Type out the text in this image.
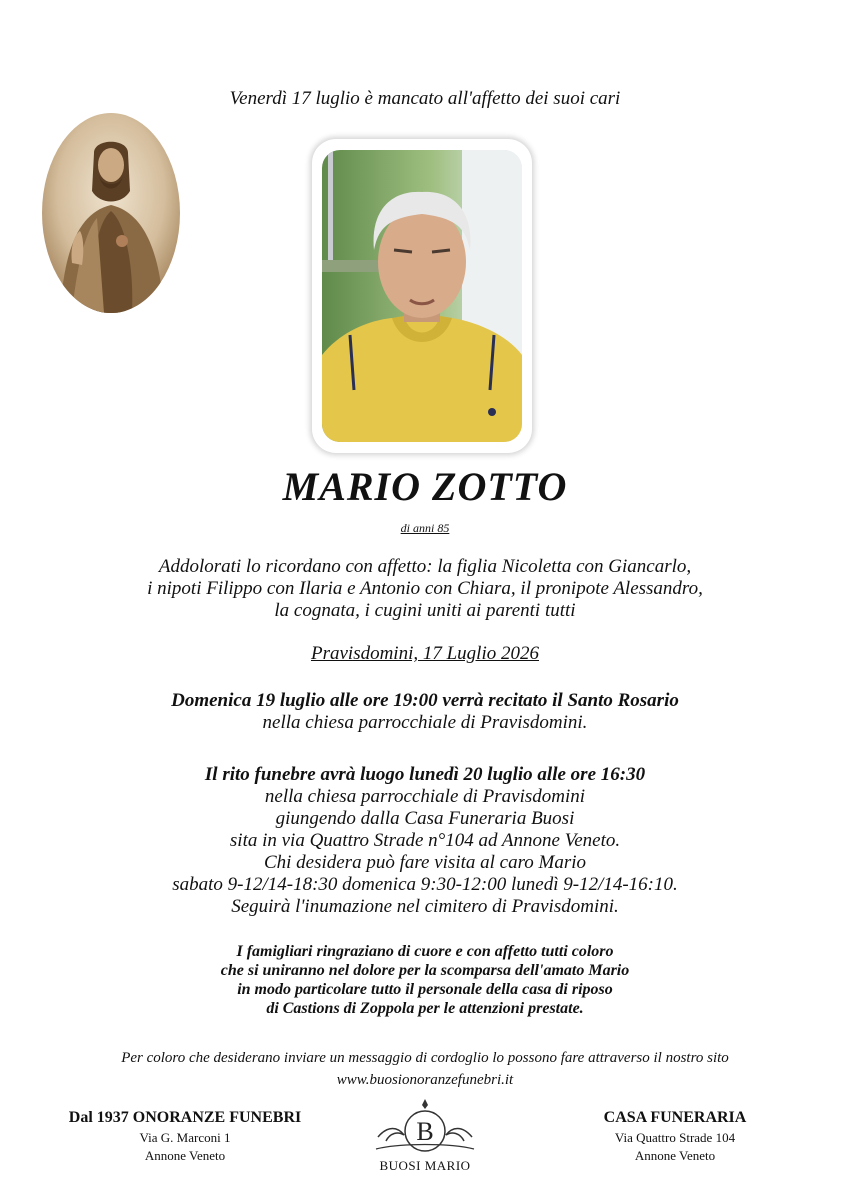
Venerdì 17 luglio è mancato all'affetto dei suoi cari
MARIO ZOTTO
di anni 85
Addolorati lo ricordano con affetto: la figlia Nicoletta con Giancarlo,
i nipoti Filippo con Ilaria e Antonio con Chiara, il pronipote Alessandro,
la cognata, i cugini uniti ai parenti tutti
Pravisdomini, 17 Luglio 2026
Domenica 19 luglio alle ore 19:00 verrà recitato il Santo Rosario
nella chiesa parrocchiale di Pravisdomini.
Il rito funebre avrà luogo lunedì 20 luglio alle ore 16:30
nella chiesa parrocchiale di Pravisdomini
giungendo dalla Casa Funeraria Buosi
sita in via Quattro Strade n°104 ad Annone Veneto.
Chi desidera può fare visita al caro Mario
sabato 9-12/14-18:30 domenica 9:30-12:00 lunedì 9-12/14-16:10.
Seguirà l'inumazione nel cimitero di Pravisdomini.
I famigliari ringraziano di cuore e con affetto tutti coloro
che si uniranno nel dolore per la scomparsa dell'amato Mario
in modo particolare tutto il personale della casa di riposo
di Castions di Zoppola per le attenzioni prestate.
Per coloro che desiderano inviare un messaggio di cordoglio lo possono fare attraverso il nostro sito
www.buosionoranzefunebri.it
Dal 1937 ONORANZE FUNEBRI
Via G. Marconi 1
Annone Veneto
B
BUOSI MARIO
CASA FUNERARIA
Via Quattro Strade 104
Annone Veneto
